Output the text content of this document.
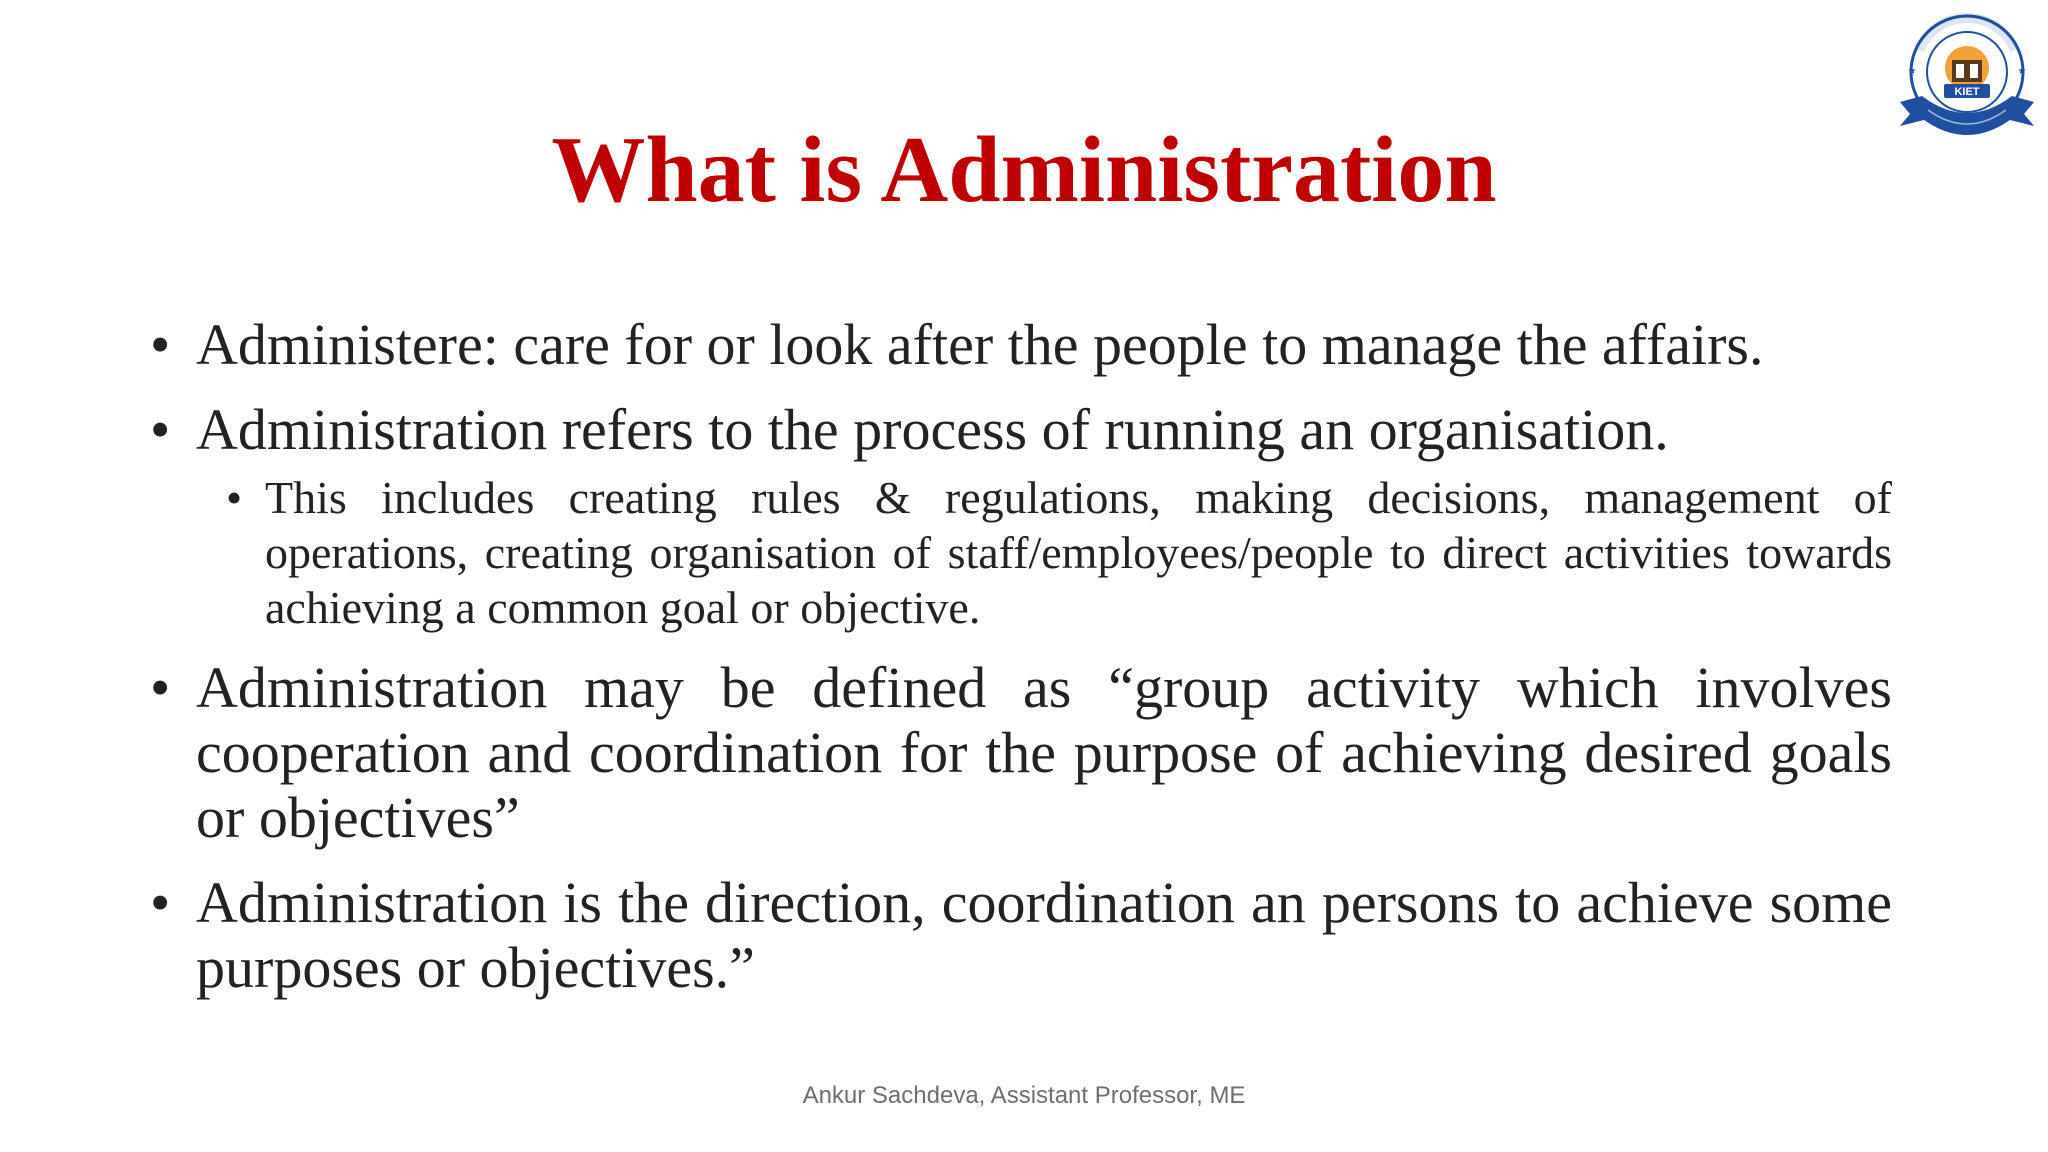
What is Administration
KIET
★	★
• Administere: care for or look after the people to manage the affairs.
• Administration refers to the process of running an organisation.
• This includes creating rules & regulations, making decisions, management of operations, creating organisation of staff/employees/people to direct activities towards achieving a common goal or objective.
• Administration may be defined as “group activity which involves cooperation and coordination for the purpose of achieving desired goals or objectives”
• Administration is the direction, coordination an persons to achieve some purposes or objectives.”
Ankur Sachdeva, Assistant Professor, ME
